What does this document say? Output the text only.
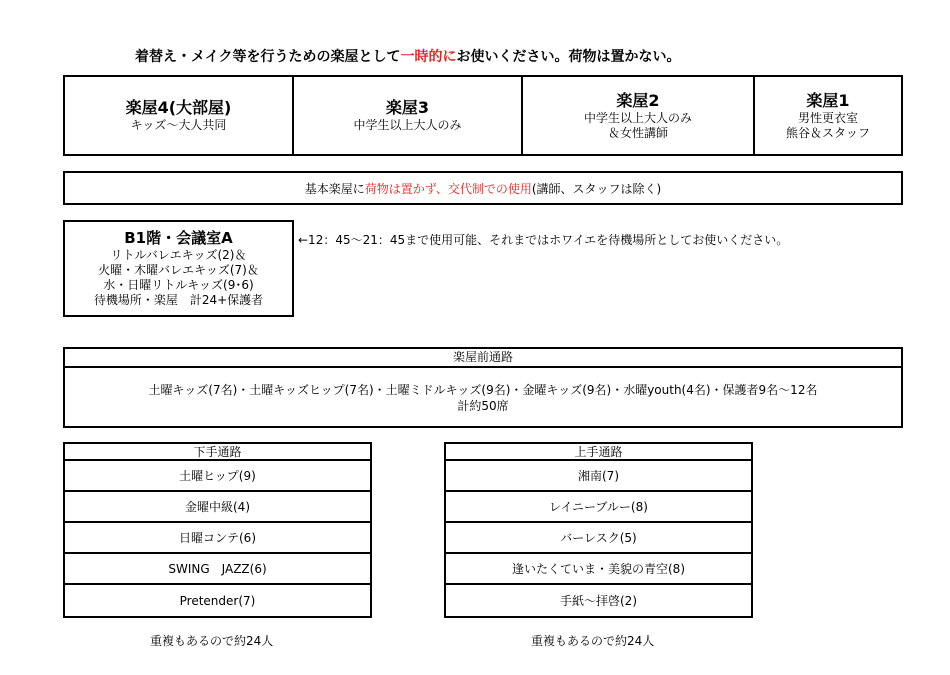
着替え・メイク等を行うための楽屋として一時的にお使いください。荷物は置かない。
楽屋4(大部屋)
キッズ～大人共同
楽屋3
中学生以上大人のみ
楽屋2
中学生以上大人のみ
＆女性講師
楽屋1
男性更衣室
熊谷＆スタッフ
基本楽屋に 荷物は置かず、交代制での使用 (講師、スタッフは除く)
B1階・会議室A
リトルバレエキッズ(2)＆
火曜・木曜バレエキッズ(7)＆
水・日曜リトルキッズ(9･6)
待機場所・楽屋　計24+保護者
←12：45～21：45まで使用可能、それまではホワイエを待機場所としてお使いください。
楽屋前通路
土曜キッズ(7名)・土曜キッズヒップ(7名)・土曜ミドルキッズ(9名)・金曜キッズ(9名)・水曜youth(4名)・保護者9名～12名
計約50席
下手通路
土曜ヒップ(9)
金曜中級(4)
日曜コンテ(6)
SWING　JAZZ(6)
Pretender(7)
重複もあるので約24人
上手通路
湘南(7)
レイニーブルー(8)
バーレスク(5)
逢いたくていま・美貌の青空(8)
手紙～拝啓(2)
重複もあるので約24人
